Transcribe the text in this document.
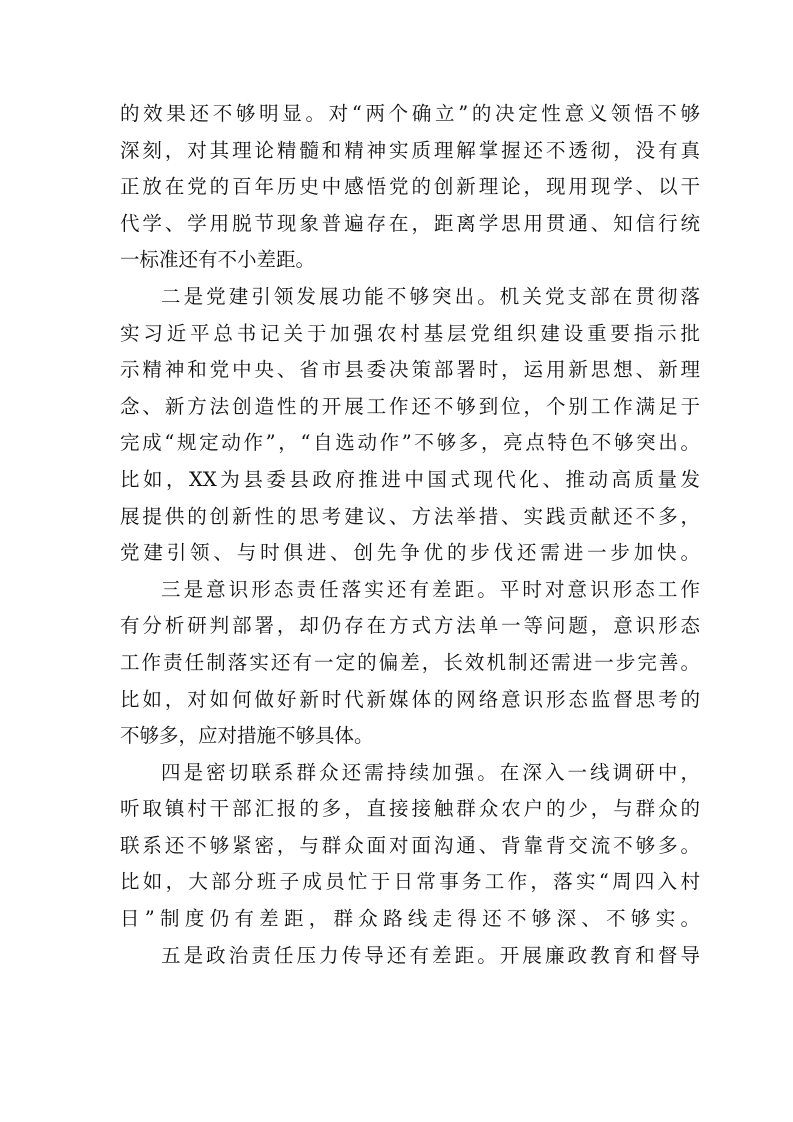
的效果还不够明显。对“两个确立”的决定性意义领悟不够
深刻，对其理论精髓和精神实质理解掌握还不透彻，没有真
正放在党的百年历史中感悟党的创新理论，现用现学、以干
代学、学用脱节现象普遍存在，距离学思用贯通、知信行统
一标准还有不小差距。
二是党建引领发展功能不够突出。机关党支部在贯彻落
实习近平总书记关于加强农村基层党组织建设重要指示批
示精神和党中央、省市县委决策部署时，运用新思想、新理
念、新方法创造性的开展工作还不够到位，个别工作满足于
完成“规定动作”，“自选动作”不够多，亮点特色不够突出。
比如，XX为县委县政府推进中国式现代化、推动高质量发
展提供的创新性的思考建议、方法举措、实践贡献还不多，
党建引领、与时俱进、创先争优的步伐还需进一步加快。
三是意识形态责任落实还有差距。平时对意识形态工作
有分析研判部署，却仍存在方式方法单一等问题，意识形态
工作责任制落实还有一定的偏差，长效机制还需进一步完善。
比如，对如何做好新时代新媒体的网络意识形态监督思考的
不够多，应对措施不够具体。
四是密切联系群众还需持续加强。在深入一线调研中，
听取镇村干部汇报的多，直接接触群众农户的少，与群众的
联系还不够紧密，与群众面对面沟通、背靠背交流不够多。
比如，大部分班子成员忙于日常事务工作，落实“周四入村
日”制度仍有差距，群众路线走得还不够深、不够实。
五是政治责任压力传导还有差距。开展廉政教育和督导
